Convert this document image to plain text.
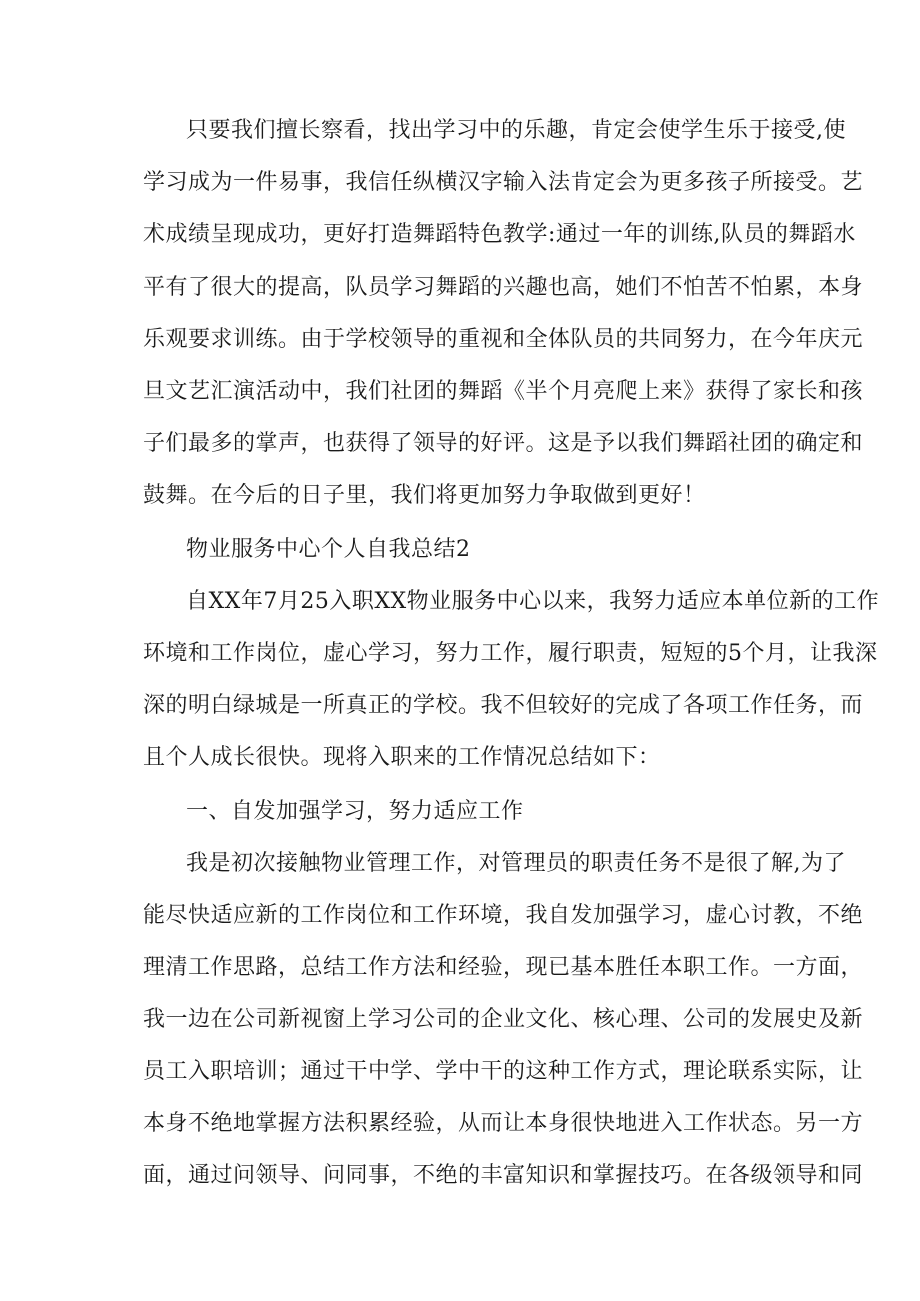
只要我们擅长察看，找出学习中的乐趣，肯定会使学生乐于接受,使
学习成为一件易事，我信任纵横汉字输入法肯定会为更多孩子所接受。艺
术成绩呈现成功，更好打造舞蹈特色教学:通过一年的训练,队员的舞蹈水
平有了很大的提高，队员学习舞蹈的兴趣也高，她们不怕苦不怕累，本身
乐观要求训练。由于学校领导的重视和全体队员的共同努力，在今年庆元
旦文艺汇演活动中，我们社团的舞蹈《半个月亮爬上来》获得了家长和孩
子们最多的掌声，也获得了领导的好评。这是予以我们舞蹈社团的确定和
鼓舞。在今后的日子里，我们将更加努力争取做到更好！
物业服务中心个人自我总结2
自XX年7月25入职XX物业服务中心以来，我努力适应本单位新的工作
环境和工作岗位，虚心学习，努力工作，履行职责，短短的5个月，让我深
深的明白绿城是一所真正的学校。我不但较好的完成了各项工作任务，而
且个人成长很快。现将入职来的工作情况总结如下：
一、自发加强学习，努力适应工作
我是初次接触物业管理工作，对管理员的职责任务不是很了解,为了
能尽快适应新的工作岗位和工作环境，我自发加强学习，虚心讨教，不绝
理清工作思路，总结工作方法和经验，现已基本胜任本职工作。一方面，
我一边在公司新视窗上学习公司的企业文化、核心理、公司的发展史及新
员工入职培训；通过干中学、学中干的这种工作方式，理论联系实际，让
本身不绝地掌握方法积累经验，从而让本身很快地进入工作状态。另一方
面，通过问领导、问同事，不绝的丰富知识和掌握技巧。在各级领导和同
